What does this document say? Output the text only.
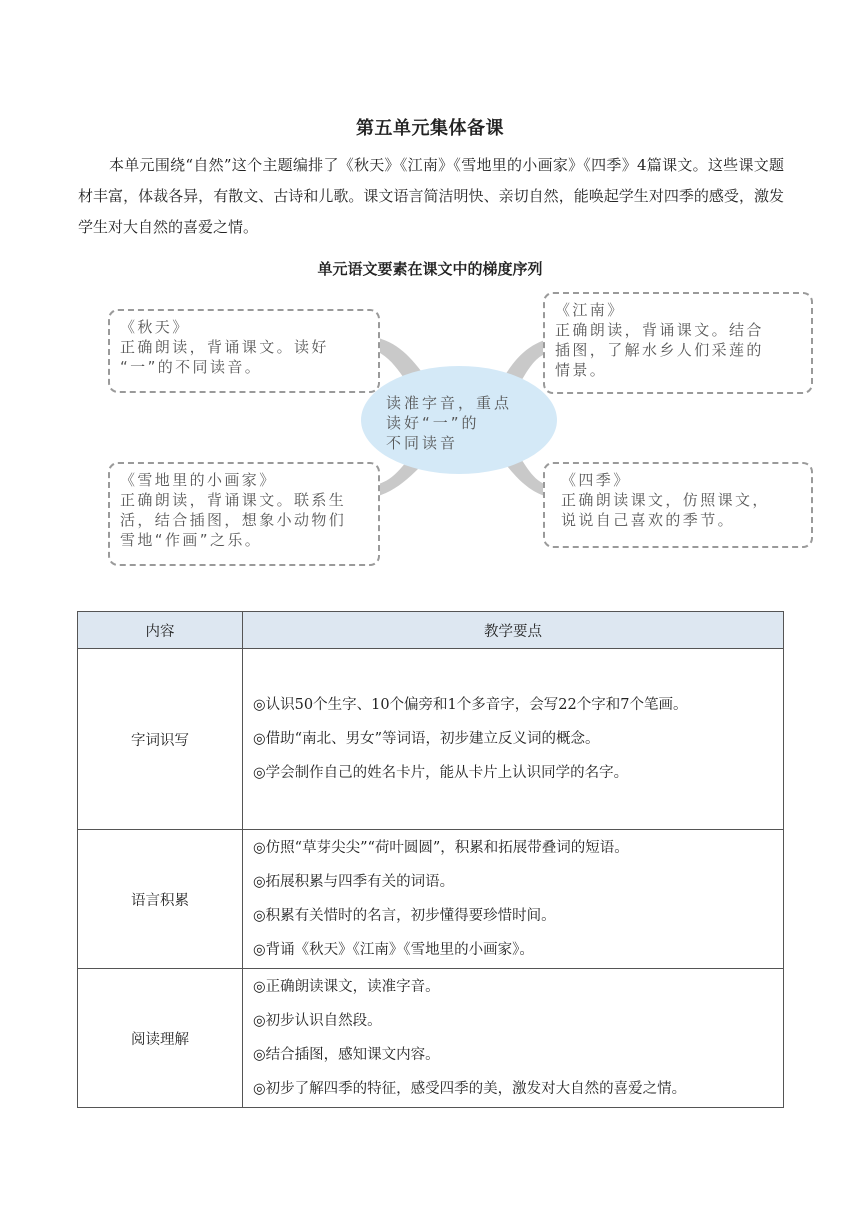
第五单元集体备课
本单元围绕“自然”这个主题编排了《秋天》《江南》《雪地里的小画家》《四季》4篇课文。这些课文题材丰富，体裁各异，有散文、古诗和儿歌。课文语言简洁明快、亲切自然，能唤起学生对四季的感受，激发学生对大自然的喜爱之情。
单元语文要素在课文中的梯度序列
读准字音，重点
读好“一”的
不同读音
《秋天》
正确朗读，背诵课文。读好
“一”的不同读音。
《江南》
正确朗读，背诵课文。结合
插图，了解水乡人们采莲的
情景。
《雪地里的小画家》
正确朗读，背诵课文。联系生
活，结合插图，想象小动物们
雪地“作画”之乐。
《四季》
正确朗读课文，仿照课文，
说说自己喜欢的季节。
内容	教学要点
字词识写	◎认识50个生字、10个偏旁和1个多音字，会写22个字和7个笔画。
◎借助“南北、男女”等词语，初步建立反义词的概念。
◎学会制作自己的姓名卡片，能从卡片上认识同学的名字。

语言积累	◎仿照“草芽尖尖”“荷叶圆圆”，积累和拓展带叠词的短语。
◎拓展积累与四季有关的词语。
◎积累有关惜时的名言，初步懂得要珍惜时间。
◎背诵《秋天》《江南》《雪地里的小画家》。

阅读理解	◎正确朗读课文，读准字音。
◎初步认识自然段。
◎结合插图，感知课文内容。
◎初步了解四季的特征，感受四季的美，激发对大自然的喜爱之情。
